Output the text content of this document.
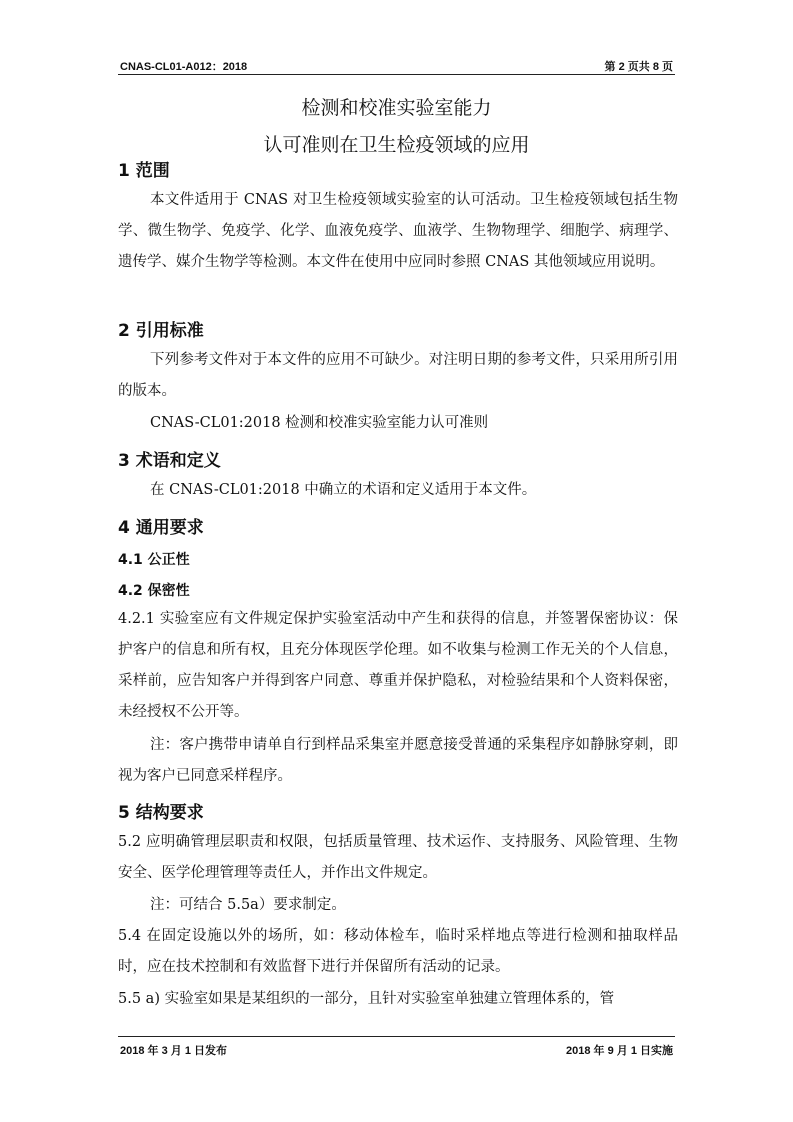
CNAS-CL01-A012：2018	第 2 页共 8 页
检测和校准实验室能力
认可准则在卫生检疫领域的应用
1 范围

本文件适用于 CNAS 对卫生检疫领域实验室的认可活动。卫生检疫领域包括生物学、微生物学、免疫学、化学、血液免疫学、血液学、生物物理学、细胞学、病理学、遗传学、媒介生物学等检测。本文件在使用中应同时参照 CNAS 其他领域应用说明。

2 引用标准

下列参考文件对于本文件的应用不可缺少。对注明日期的参考文件，只采用所引用的版本。

CNAS-CL01:2018 检测和校准实验室能力认可准则

3 术语和定义

在 CNAS-CL01:2018 中确立的术语和定义适用于本文件。

4 通用要求
4.1 公正性
4.2 保密性

4.2.1 实验室应有文件规定保护实验室活动中产生和获得的信息，并签署保密协议：保护客户的信息和所有权，且充分体现医学伦理。如不收集与检测工作无关的个人信息，采样前，应告知客户并得到客户同意、尊重并保护隐私，对检验结果和个人资料保密，未经授权不公开等。

注：客户携带申请单自行到样品采集室并愿意接受普通的采集程序如静脉穿刺，即视为客户已同意采样程序。

5 结构要求

5.2 应明确管理层职责和权限，包括质量管理、技术运作、支持服务、风险管理、生物安全、医学伦理管理等责任人，并作出文件规定。

注：可结合 5.5a）要求制定。

5.4 在固定设施以外的场所，如：移动体检车，临时采样地点等进行检测和抽取样品时，应在技术控制和有效监督下进行并保留所有活动的记录。

5.5 a) 实验室如果是某组织的一部分，且针对实验室单独建立管理体系的，管

2018 年 3 月 1 日发布	2018 年 9 月 1 日实施
